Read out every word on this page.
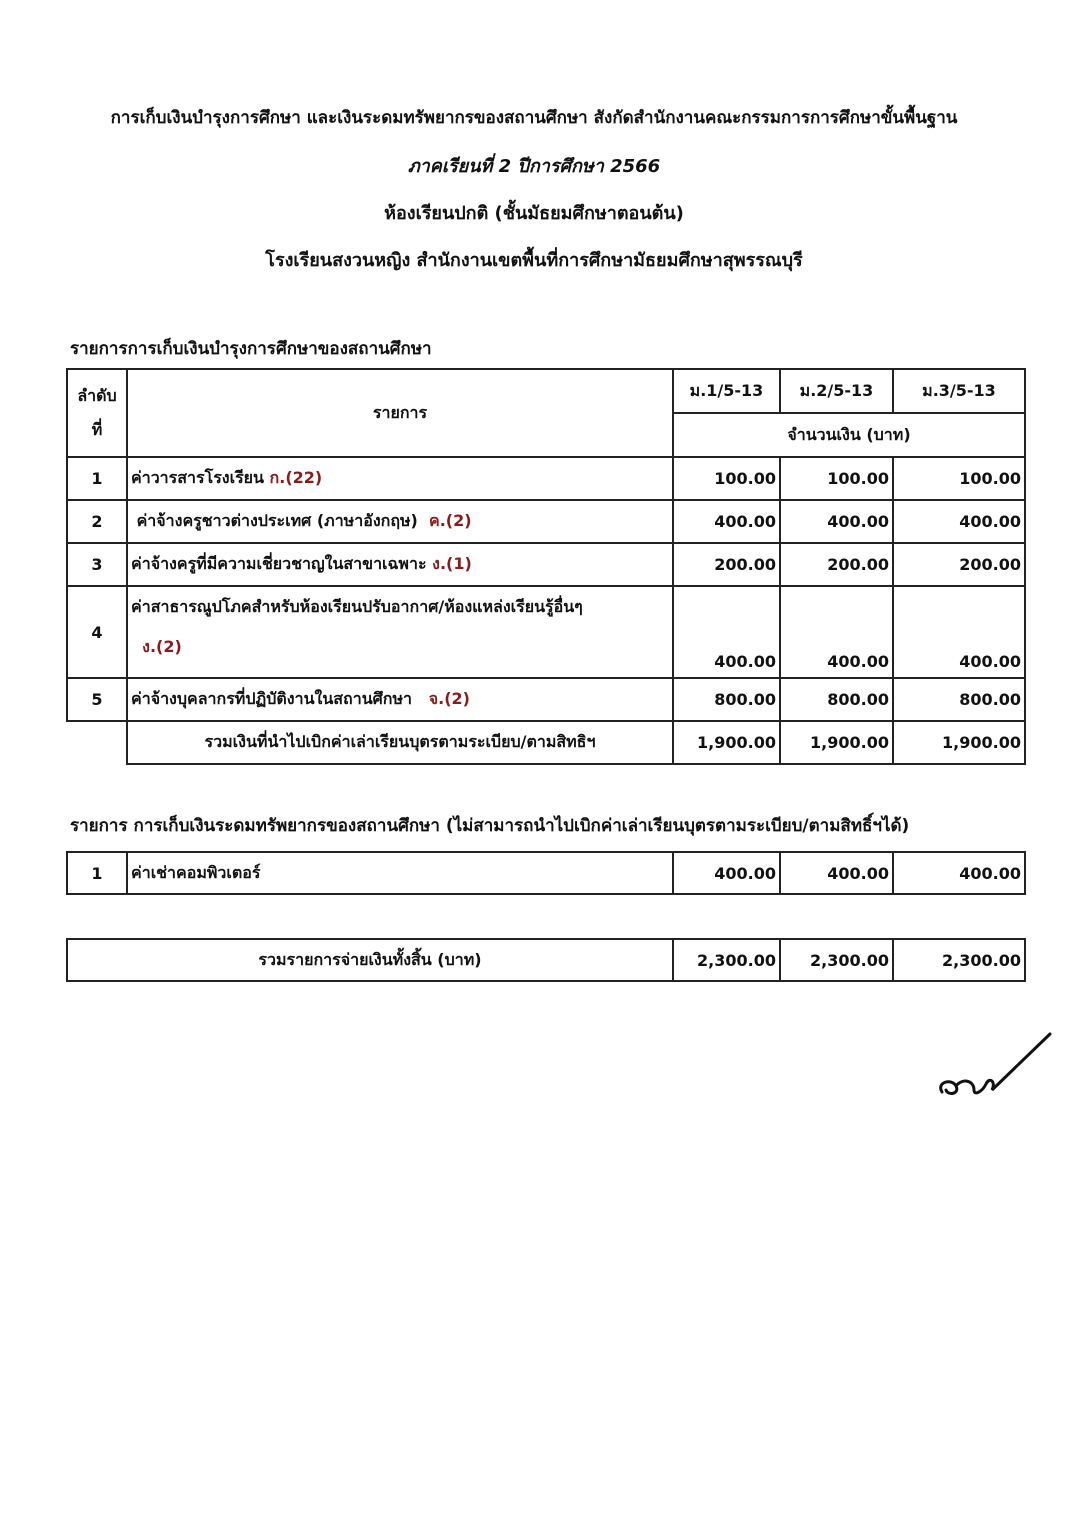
การเก็บเงินบำรุงการศึกษา และเงินระดมทรัพยากรของสถานศึกษา สังกัดสำนักงานคณะกรรมการการศึกษาขั้นพื้นฐาน
ภาคเรียนที่ 2 ปีการศึกษา 2566
ห้องเรียนปกติ (ชั้นมัธยมศึกษาตอนต้น)
โรงเรียนสงวนหญิง สำนักงานเขตพื้นที่การศึกษามัธยมศึกษาสุพรรณบุรี
รายการการเก็บเงินบำรุงการศึกษาของสถานศึกษา
ลำดับ ที่	รายการ	ม.1/5-13	ม.2/5-13	ม.3/5-13
		จำนวนเงิน (บาท)		
1	ค่าวารสารโรงเรียน ก.(22)	100.00	100.00	100.00
2	ค่าจ้างครูชาวต่างประเทศ (ภาษาอังกฤษ) ค.(2)	400.00	400.00	400.00
3	ค่าจ้างครูที่มีความเชี่ยวชาญในสาขาเฉพาะ ง.(1)	200.00	200.00	200.00
4	ค่าสาธารณูปโภคสำหรับห้องเรียนปรับอากาศ/ห้องแหล่งเรียนรู้อื่นๆ
ง.(2)	400.00	400.00	400.00
5	ค่าจ้างบุคลากรที่ปฏิบัติงานในสถานศึกษา จ.(2)	800.00	800.00	800.00
	รวมเงินที่นำไปเบิกค่าเล่าเรียนบุตรตามระเบียบ/ตามสิทธิฯ	1,900.00	1,900.00	1,900.00
รายการ การเก็บเงินระดมทรัพยากรของสถานศึกษา (ไม่สามารถนำไปเบิกค่าเล่าเรียนบุตรตามระเบียบ/ตามสิทธิ์ฯได้)
1	ค่าเช่าคอมพิวเตอร์	400.00	400.00	400.00
รวมรายการจ่ายเงินทั้งสิ้น (บาท)	2,300.00	2,300.00	2,300.00
